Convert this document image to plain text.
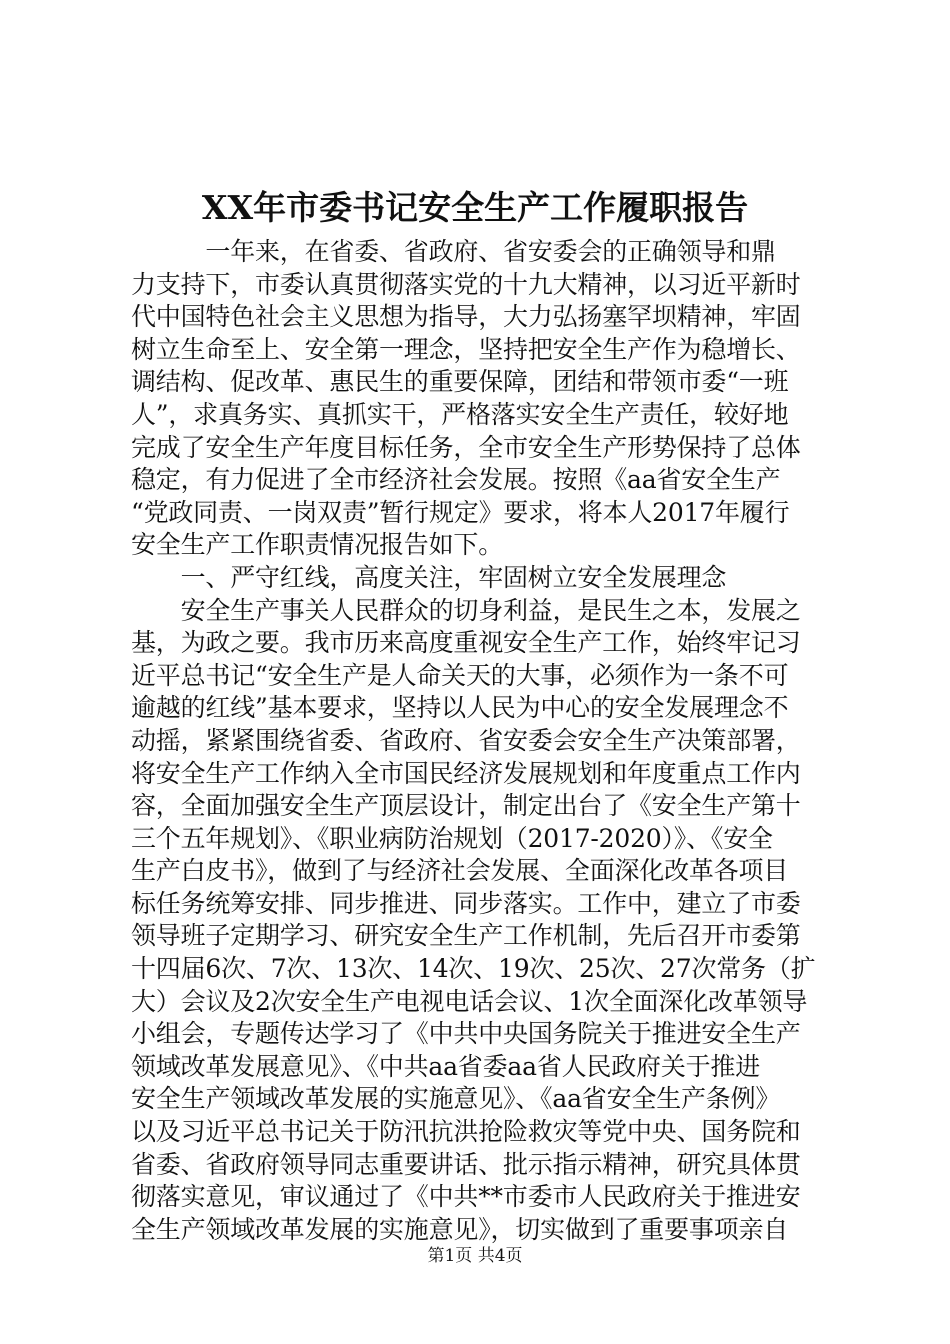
XX年市委书记安全生产工作履职报告
　　　一年来，在省委、省政府、省安委会的正确领导和鼎
力支持下，市委认真贯彻落实党的十九大精神，以习近平新时
代中国特色社会主义思想为指导，大力弘扬塞罕坝精神，牢固
树立生命至上、安全第一理念，坚持把安全生产作为稳增长、
调结构、促改革、惠民生的重要保障，团结和带领市委“一班
人”，求真务实、真抓实干，严格落实安全生产责任，较好地
完成了安全生产年度目标任务，全市安全生产形势保持了总体
稳定，有力促进了全市经济社会发展。按照《aa省安全生产
“党政同责、一岗双责”暂行规定》要求，将本人2017年履行
安全生产工作职责情况报告如下。
　　一、严守红线，高度关注，牢固树立安全发展理念
　　安全生产事关人民群众的切身利益，是民生之本，发展之
基，为政之要。我市历来高度重视安全生产工作，始终牢记习
近平总书记“安全生产是人命关天的大事，必须作为一条不可
逾越的红线”基本要求，坚持以人民为中心的安全发展理念不
动摇，紧紧围绕省委、省政府、省安委会安全生产决策部署，
将安全生产工作纳入全市国民经济发展规划和年度重点工作内
容，全面加强安全生产顶层设计，制定出台了《安全生产第十
三个五年规划》、《职业病防治规划（2017-2020）》、《安全
生产白皮书》，做到了与经济社会发展、全面深化改革各项目
标任务统筹安排、同步推进、同步落实。工作中，建立了市委
领导班子定期学习、研究安全生产工作机制，先后召开市委第
十四届6次、7次、13次、14次、19次、25次、27次常务（扩
大）会议及2次安全生产电视电话会议、1次全面深化改革领导
小组会，专题传达学习了《中共中央国务院关于推进安全生产
领域改革发展意见》、《中共aa省委aa省人民政府关于推进
安全生产领域改革发展的实施意见》、《aa省安全生产条例》
以及习近平总书记关于防汛抗洪抢险救灾等党中央、国务院和
省委、省政府领导同志重要讲话、批示指示精神，研究具体贯
彻落实意见，审议通过了《中共**市委市人民政府关于推进安
全生产领域改革发展的实施意见》，切实做到了重要事项亲自
第1页 共4页
